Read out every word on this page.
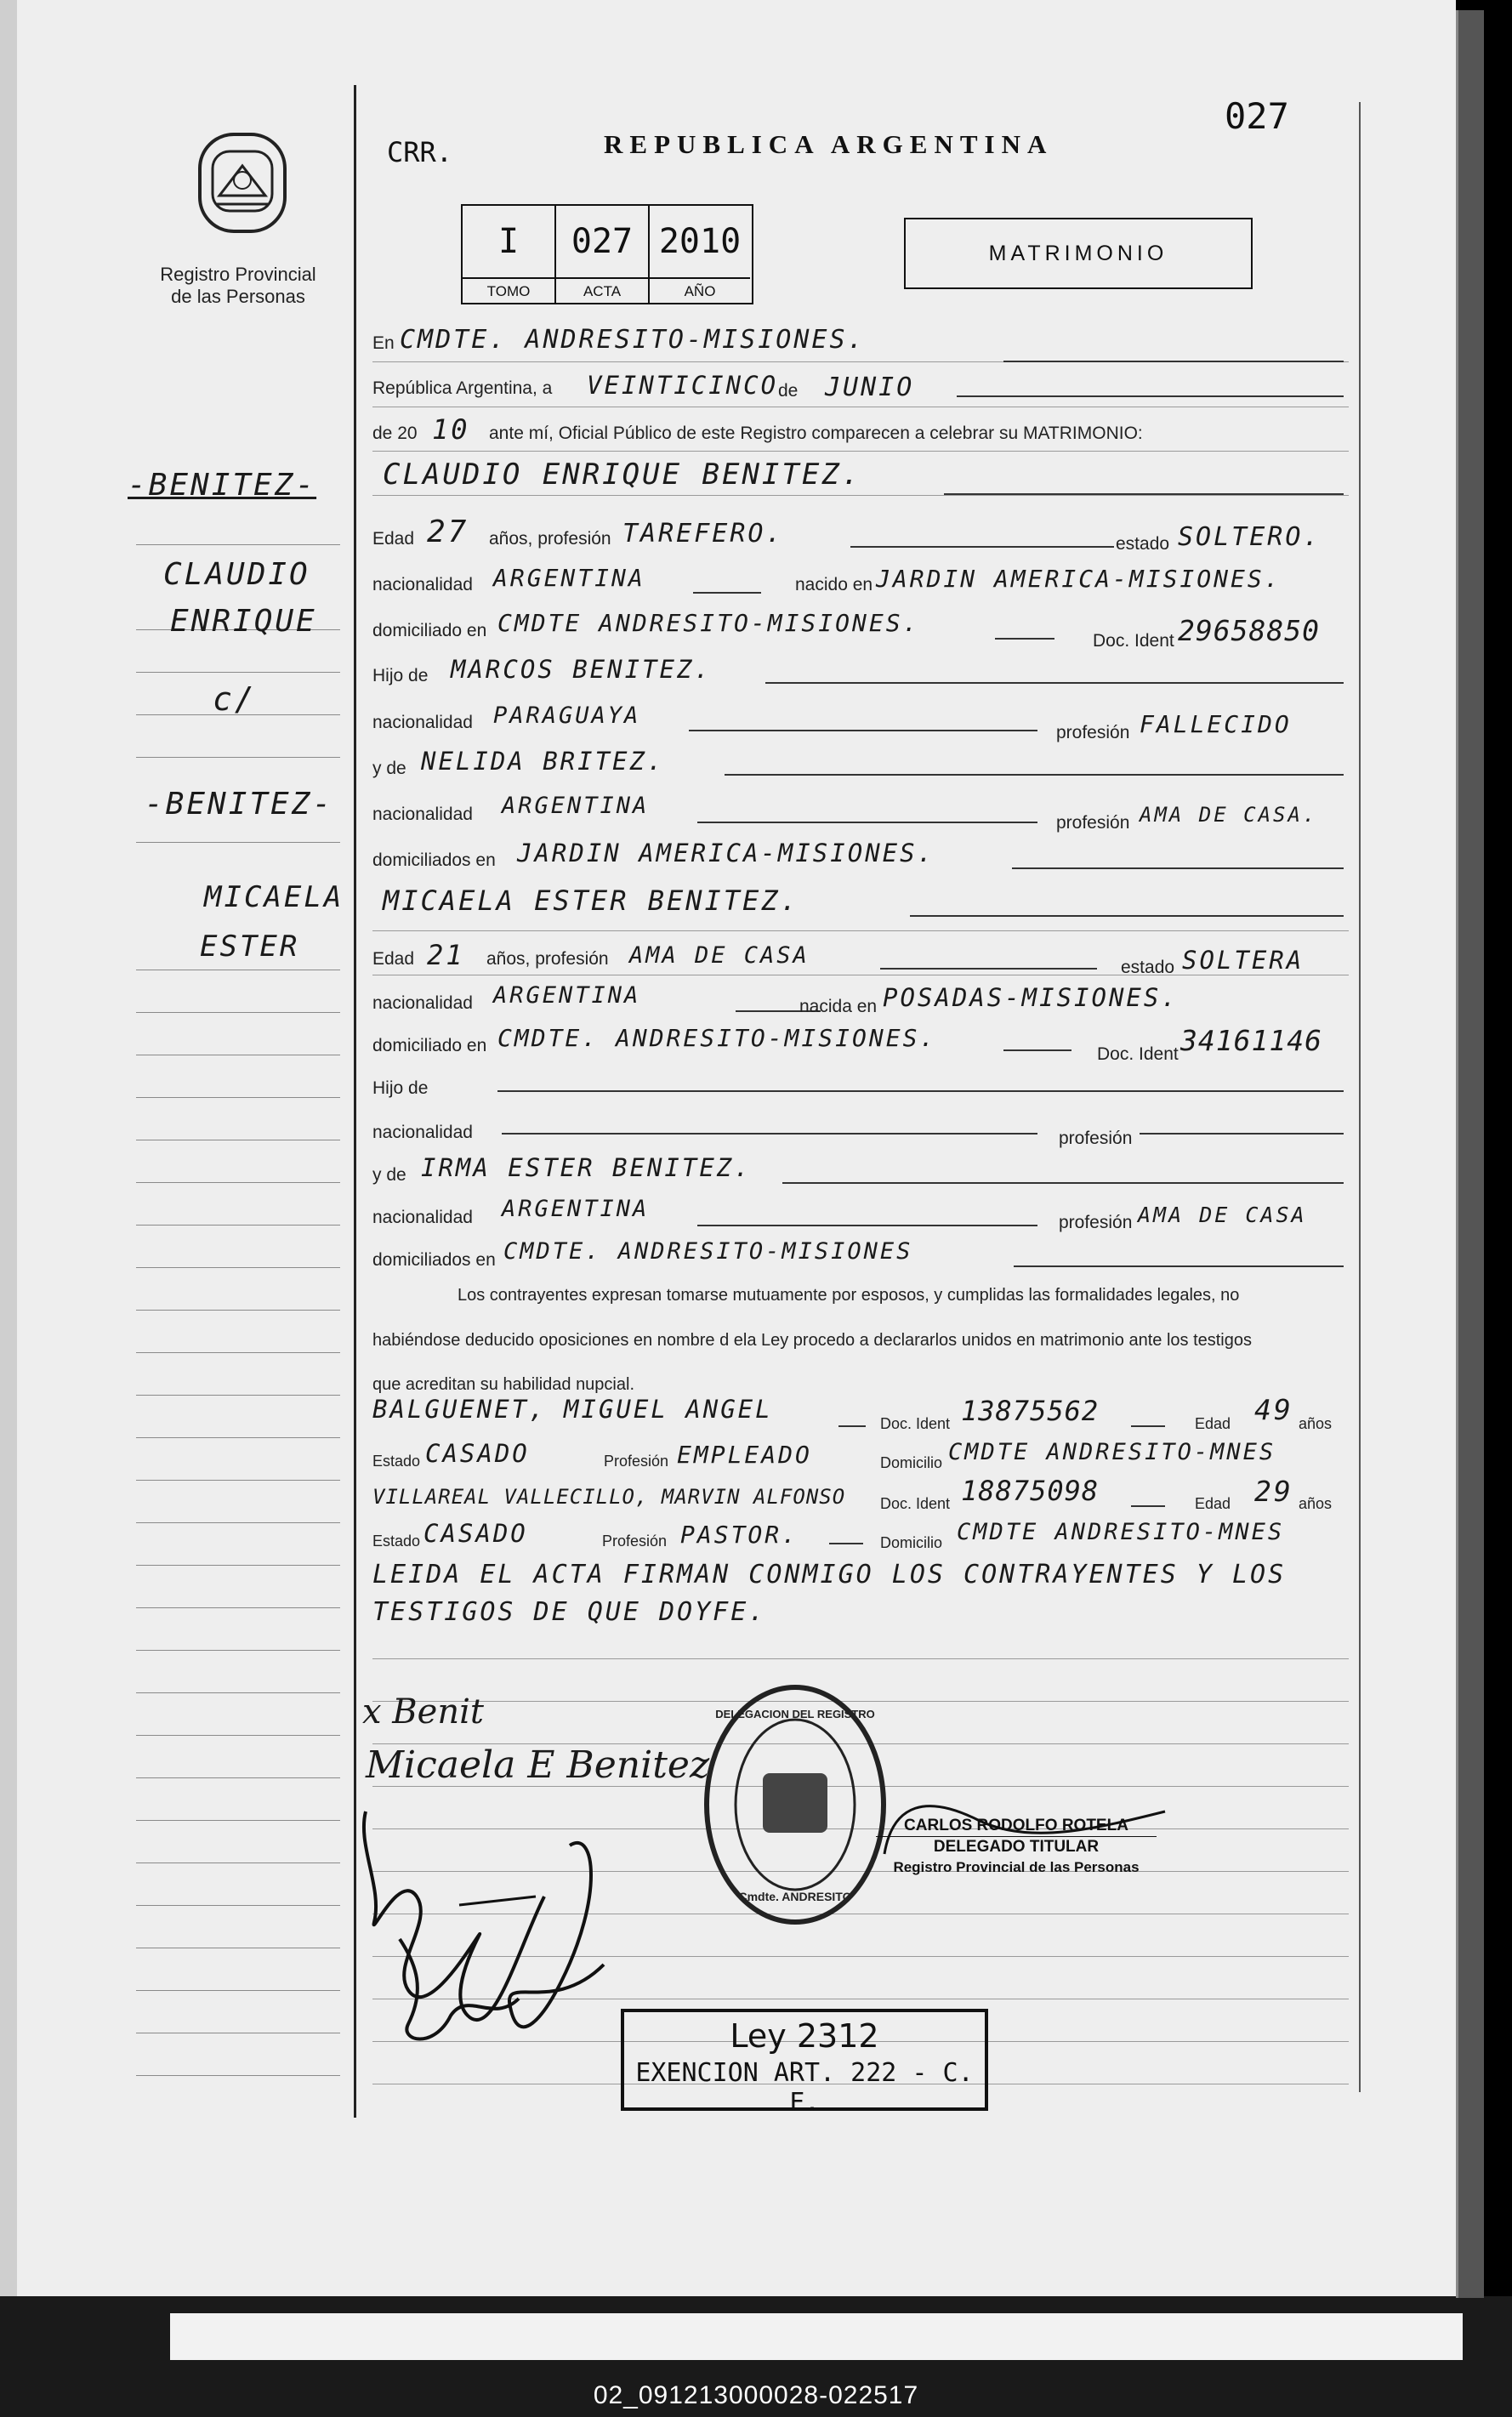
Registro Provincial
de las Personas
CRR.	REPUBLICA ARGENTINA
027
I	027 2010
TOMO	ACTA	AÑO
MATRIMONIO
-BENITEZ-
CLAUDIO
ENRIQUE
c/
-BENITEZ-
MICAELA
ESTER
En CMDTE. ANDRESITO-MISIONES.
República Argentina, a VEINTICINCO de JUNIO
de 20 10 ante mí, Oficial Público de este Registro comparecen a celebrar su MATRIMONIO:
CLAUDIO ENRIQUE BENITEZ.
Edad 27 años, profesión TAREFERO.	estado SOLTERO.
nacionalidad ARGENTINA	nacido en JARDIN AMERICA-MISIONES.
domiciliado en CMDTE ANDRESITO-MISIONES.
Doc. Ident 29658850
Hijo de MARCOS BENITEZ.
nacionalidad PARAGUAYA
profesión FALLECIDO
y de NELIDA BRITEZ.
nacionalidad ARGENTINA
profesión AMA DE CASA.
domiciliados en JARDIN AMERICA-MISIONES.
MICAELA ESTER BENITEZ.
Edad 21 años, profesión AMA DE CASA	estado SOLTERA
nacionalidad ARGENTINA	nacida en POSADAS-MISIONES.
domiciliado en CMDTE. ANDRESITO-MISIONES.
Doc. Ident 34161146
Hijo de
nacionalidad	profesión
y de IRMA ESTER BENITEZ.
nacionalidad ARGENTINA
profesión AMA DE CASA
domiciliados en CMDTE. ANDRESITO-MISIONES
Los contrayentes expresan tomarse mutuamente por esposos, y cumplidas las formalidades legales, no
habiéndose deducido oposiciones en nombre d ela Ley procedo a declararlos unidos en matrimonio ante los testigos
que acreditan su habilidad nupcial.
BALGUENET, MIGUEL ANGEL	Doc. Ident 13875562	Edad 49 años
Estado CASADO	Profesión EMPLEADO	Domicilio CMDTE ANDRESITO-MNES
VILLAREAL VALLECILLO, MARVIN ALFONSO Doc. Ident 18875098	Edad 29 años
Estado CASADO	Profesión PASTOR.	Domicilio CMDTE ANDRESITO-MNES
LEIDA EL ACTA FIRMAN CONMIGO LOS CONTRAYENTES Y LOS
TESTIGOS DE QUE DOYFE.
x Benit
Micaela E Benitez
DELEGACION DEL REGISTRO
Cmdte. ANDRESITO
CARLOS RODOLFO ROTELA
DELEGADO TITULAR
Registro Provincial de las Personas
Ley 2312
EXENCION ART. 222 - C. F.
02_091213000028-022517
